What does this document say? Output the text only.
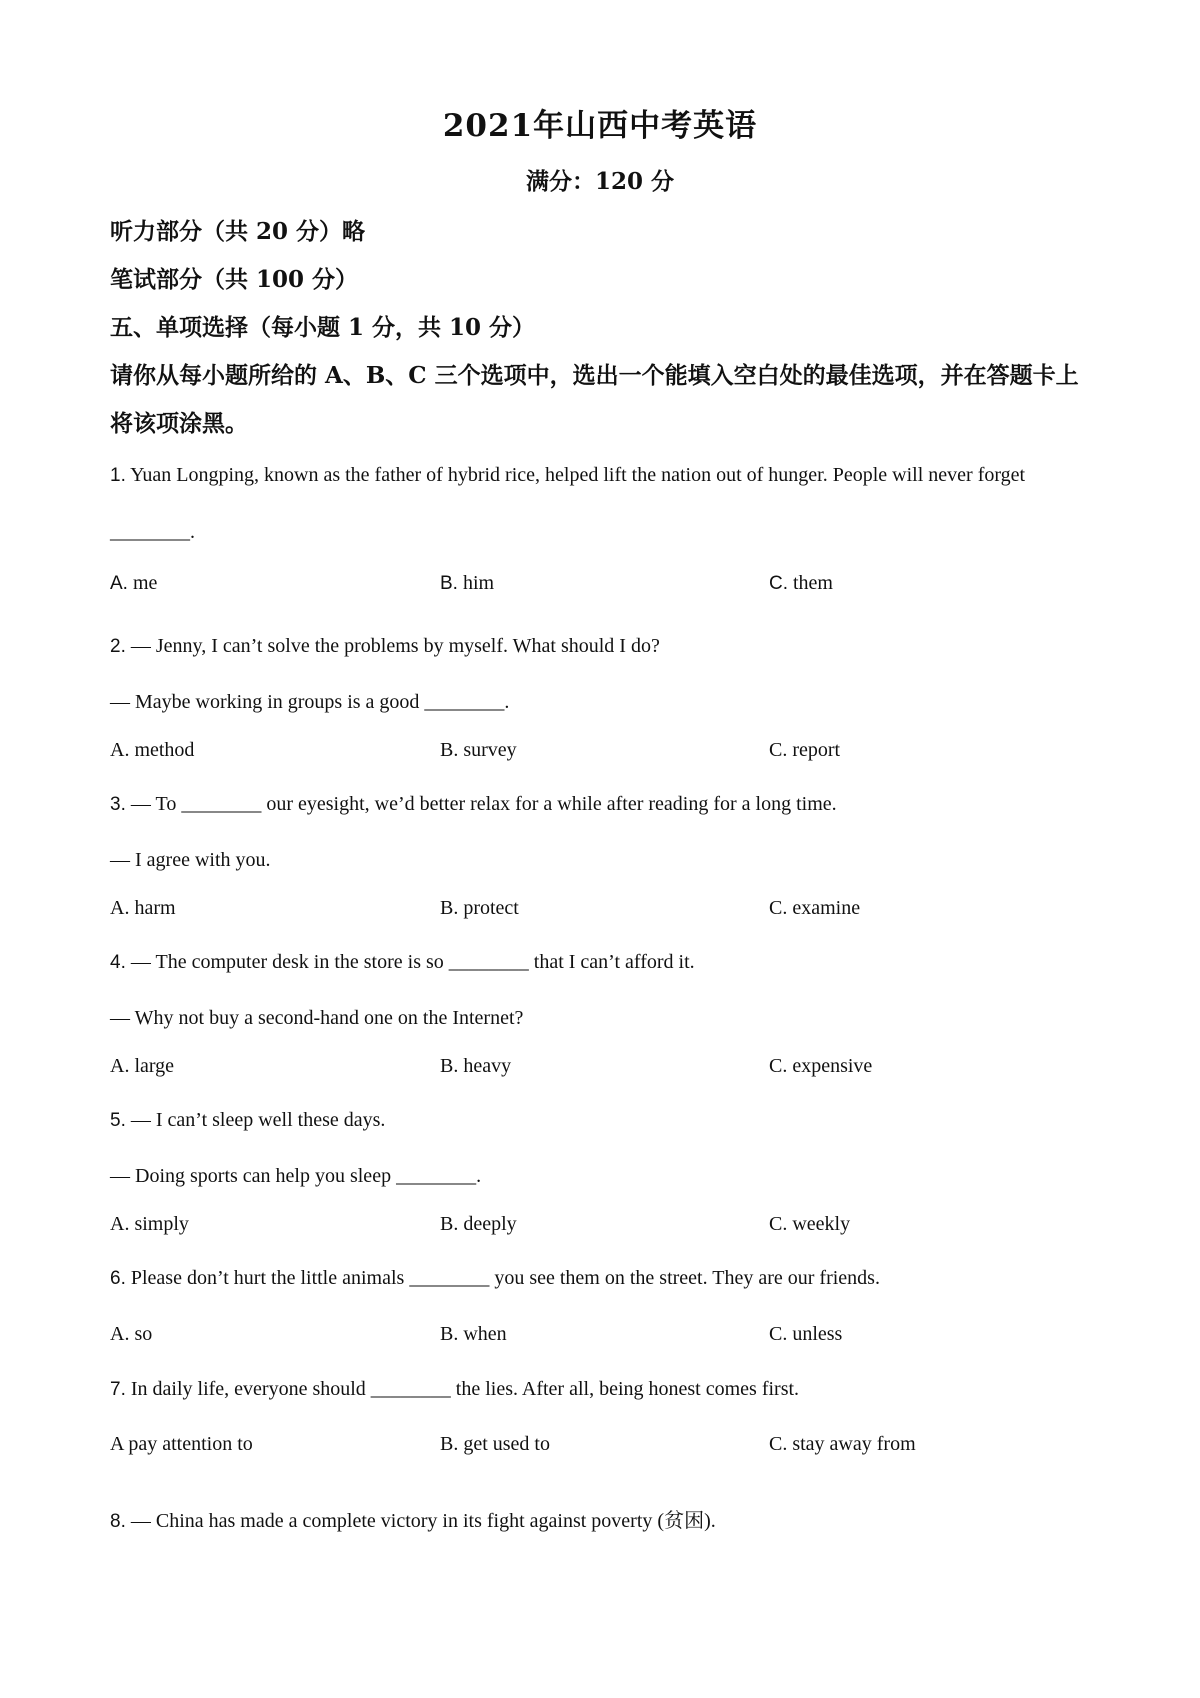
2021年山西中考英语
满分：120 分
听力部分（共 20 分）略
笔试部分（共 100 分）
五、单项选择（每小题 1 分，共 10 分）
请你从每小题所给的 A、B、C 三个选项中，选出一个能填入空白处的最佳选项，并在答题卡上将该项涂黑。
1. Yuan Longping, known as the father of hybrid rice, helped lift the nation out of hunger. People will never forget ________.
A. me	B. him	C. them
2. — Jenny, I can’t solve the problems by myself. What should I do?
— Maybe working in groups is a good ________.
A. method	B. survey	C. report
3. — To ________ our eyesight, we’d better relax for a while after reading for a long time.
— I agree with you.
A. harm	B. protect	C. examine
4. — The computer desk in the store is so ________ that I can’t afford it.
— Why not buy a second-hand one on the Internet?
A. large	B. heavy	C. expensive
5. — I can’t sleep well these days.
— Doing sports can help you sleep ________.
A. simply	B. deeply	C. weekly
6. Please don’t hurt the little animals ________ you see them on the street. They are our friends.
A. so	B. when	C. unless
7. In daily life, everyone should ________ the lies. After all, being honest comes first.
A pay attention to	B. get used to	C. stay away from
8. — China has made a complete victory in its fight against poverty (贫困).
